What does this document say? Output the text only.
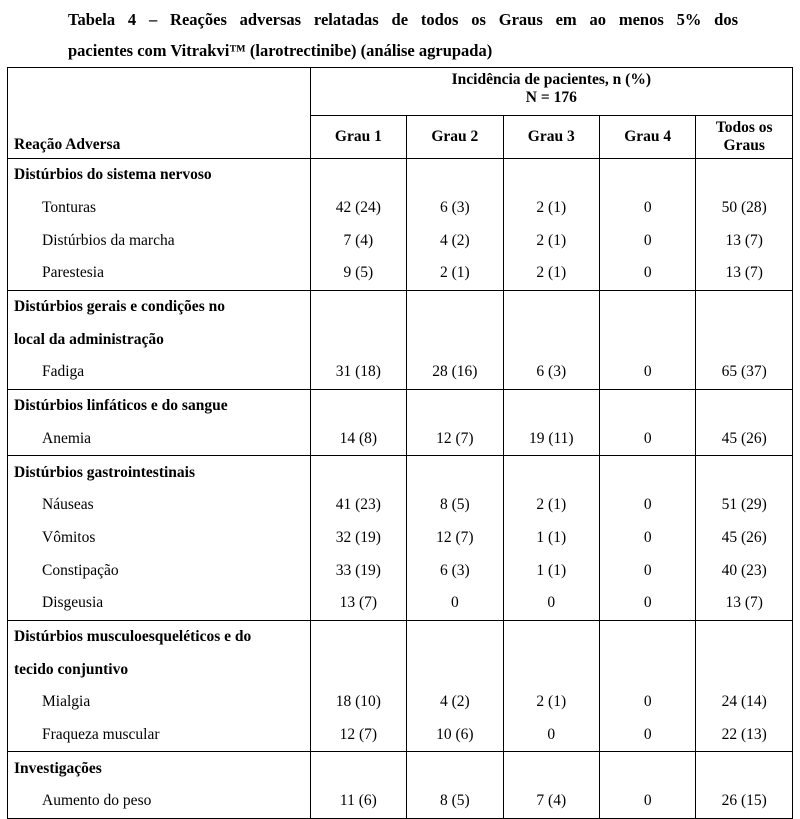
Tabela 4 – Reações adversas relatadas de todos os Graus em ao menos 5% dos
pacientes com Vitrakvi™ (larotrectinibe) (análise agrupada)
Reação Adversa	Incidência de pacientes, n (%)
N = 176				

	Grau 1	Grau 2	Grau 3	Grau 4	Todos os
Graus

Distúrbios do sistema nervoso					
Tonturas	42 (24)	6 (3)	2 (1)	0	50 (28)
Distúrbios da marcha	7 (4)	4 (2)	2 (1)	0	13 (7)
Parestesia	9 (5)	2 (1)	2 (1)	0	13 (7)
Distúrbios gerais e condições no					
local da administração					
Fadiga	31 (18)	28 (16)	6 (3)	0	65 (37)
Distúrbios linfáticos e do sangue					
Anemia	14 (8)	12 (7)	19 (11)	0	45 (26)
Distúrbios gastrointestinais					
Náuseas	41 (23)	8 (5)	2 (1)	0	51 (29)
Vômitos	32 (19)	12 (7)	1 (1)	0	45 (26)
Constipação	33 (19)	6 (3)	1 (1)	0	40 (23)
Disgeusia	13 (7)	0	0	0	13 (7)
Distúrbios musculoesqueléticos e do					
tecido conjuntivo					
Mialgia	18 (10)	4 (2)	2 (1)	0	24 (14)
Fraqueza muscular	12 (7)	10 (6)	0	0	22 (13)
Investigações					
Aumento do peso	11 (6)	8 (5)	7 (4)	0	26 (15)
